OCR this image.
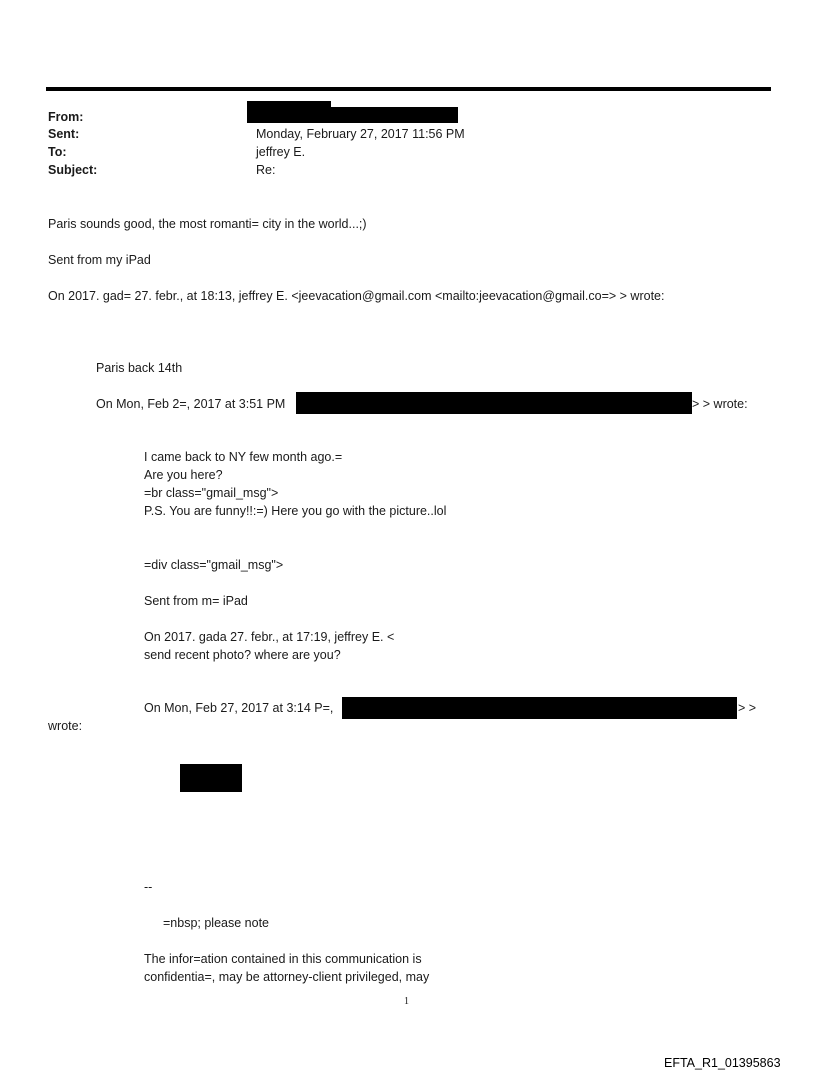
From:
Sent:
To:
Subject:
Monday, February 27, 2017 11:56 PM
jeffrey E.
Re:
Paris sounds good, the most romanti= city in the world...;)
Sent from my iPad
On 2017. gad= 27. febr., at 18:13, jeffrey E. <jeevacation@gmail.com <mailto:jeevacation@gmail.co=> > wrote:
Paris back 14th
On Mon, Feb 2=, 2017 at 3:51 PM	> > wrote:
I came back to NY few month ago.=
Are you here?
=br class="gmail_msg">
P.S. You are funny!!:=) Here you go with the picture..lol
=div class="gmail_msg">
Sent from m= iPad
On 2017. gada 27. febr., at 17:19, jeffrey E. <
send recent photo? where are you?
On Mon, Feb 27, 2017 at 3:14 P=,	> >
wrote:
--
=nbsp; please note
The infor=ation contained in this communication is
confidentia=, may be attorney-client privileged, may
1
EFTA_R1_01395863
